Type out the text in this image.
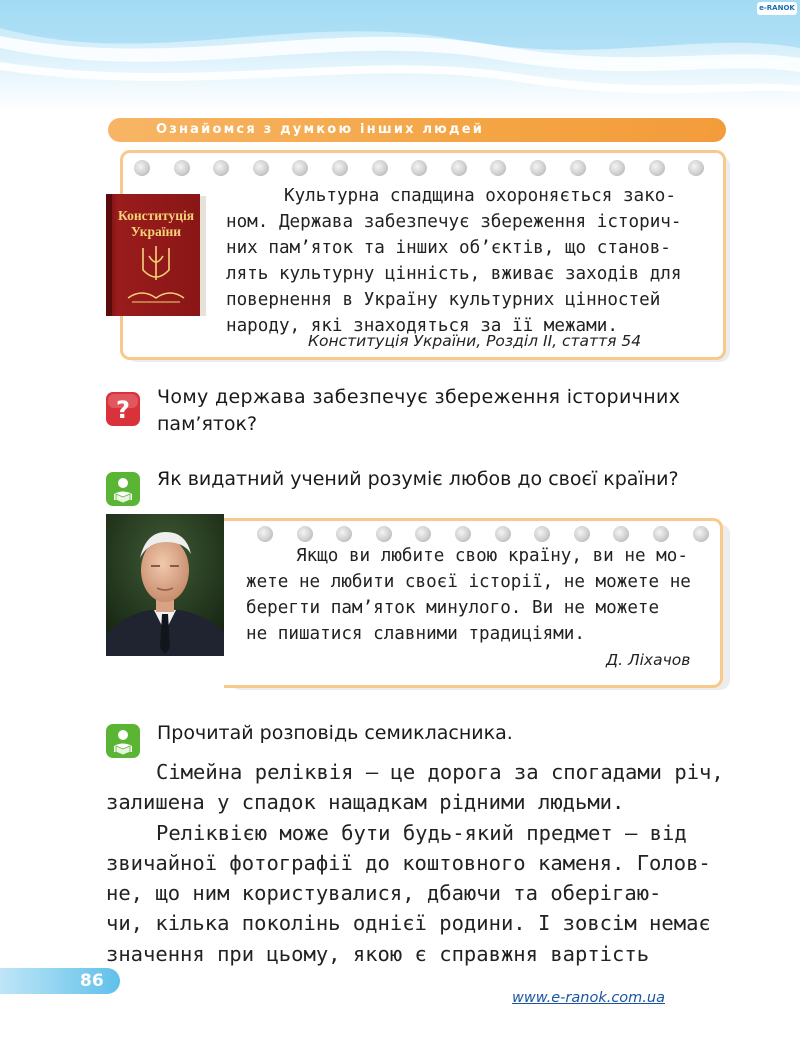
e-RANOK
Ознайомся з думкою інших людей
Конституція
України
Культурна спадщина охороняється зако-
ном. Держава забезпечує збереження історич-
них пам’яток та інших об’єктів, що станов-
лять культурну цінність, вживає заходів для
повернення в Україну культурних цінностей
народу, які знаходяться за її межами.
Конституція України, Розділ ІІ, стаття 54
? Чому держава забезпечує збереження історичних
пам’яток?
Як видатний учений розуміє любов до своєї країни?
Якщо ви любите свою країну, ви не мо-
жете не любити своєї історії, не можете не
берегти пам’яток минулого. Ви не можете
не пишатися славними традиціями.
Д. Ліхачов
Прочитай розповідь семикласника.
Сімейна реліквія — це дорога за спогадами річ,
залишена у спадок нащадкам рідними людьми.
Реліквією може бути будь-який предмет — від
звичайної фотографії до коштовного каменя. Голов-
не, що ним користувалися, дбаючи та оберігаю-
чи, кілька поколінь однієї родини. І зовсім немає
значення при цьому, якою є справжня вартість
86
www.e-ranok.com.ua
